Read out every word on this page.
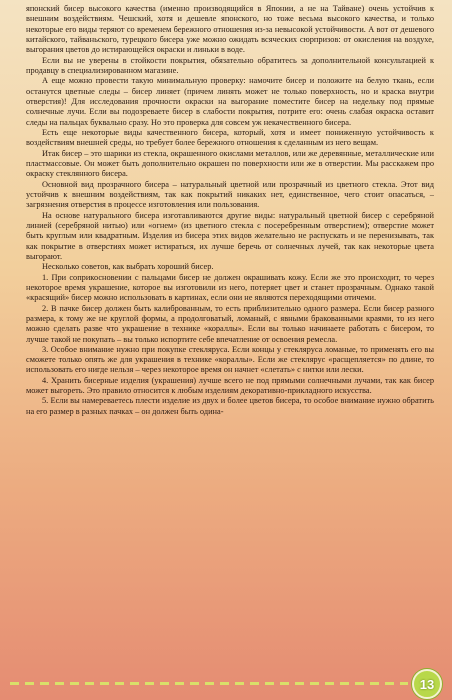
японский бисер высокого качества (именно производящийся в Японии, а не на Тайване) очень устойчив к внешним воздействиям. Чешский, хотя и дешевле японского, но тоже весьма высокого качества, и только некоторые его виды теряют со временем бережного отношения из-за невысокой устойчивости. А вот от дешевого китайского, тайваньского, турецкого бисера уже можно ожидать всяческих сюрпризов: от окисления на воздухе, выгорания цветов до истирающейся окраски и линьки в воде.

Если вы не уверены в стойкости покрытия, обязательно обратитесь за дополнительной консультацией к продавцу в специализированном магазине.

А еще можно провести такую минимальную проверку: намочите бисер и положите на белую ткань, если останутся цветные следы – бисер линяет (причем линять может не только поверхность, но и краска внутри отверстия)! Для исследования прочности окраски на выгорание поместите бисер на недельку под прямые солнечные лучи. Если вы подозреваете бисер в слабости покрытия, потрите его: очень слабая окраска оставит следы на пальцах буквально сразу. Но это проверка для совсем уж некачественного бисера.

Есть еще некоторые виды качественного бисера, который, хотя и имеет пониженную устойчивость к воздействиям внешней среды, но требует более бережного отношения к сделанным из него вещам.

Итак бисер – это шарики из стекла, окрашенного окислами металлов, или же деревянные, металлические или пластмассовые. Он может быть дополнительно окрашен по поверхности или же в отверстии. Мы расскажем про окраску стеклянного бисера.

Основной вид прозрачного бисера – натуральный цветной или прозрачный из цветного стекла. Этот вид устойчив к внешним воздействиям, так как покрытий никаких нет, единственное, чего стоит опасаться, – загрязнения отверстия в процессе изготовления или пользования.

На основе натурального бисера изготавливаются другие виды: натуральный цветной бисер с серебряной линией (серебряной нитью) или «огнем» (из цветного стекла с посеребренным отверстием); отверстие может быть круглым или квадратным. Изделия из бисера этих видов желательно не распускать и не перенизывать, так как покрытие в отверстиях может истираться, их лучше беречь от солнечных лучей, так как некоторые цвета выгорают.

Несколько советов, как выбрать хороший бисер.

1. При соприкосновении с пальцами бисер не должен окрашивать кожу. Если же это происходит, то через некоторое время украшение, которое вы изготовили из него, потеряет цвет и станет прозрачным. Однако такой «красящий» бисер можно использовать в картинах, если они не являются переходящими отичеми.

2. В пачке бисер должен быть калиброванным, то есть приблизительно одного размера. Если бисер разного размера, к тому же не круглой формы, а продолговатый, ломаный, с явными бракованными краями, то из него можно сделать разве что украшение в технике «кораллы». Если вы только начинаете работать с бисером, то лучше такой не покупать – вы только испортите себе впечатление от освоения ремесла.

3. Особое внимание нужно при покупке стеклярусa. Если концы у стеклярусa ломаные, то применять его вы сможете только опять же для украшения в технике «кораллы». Если же стеклярус «расщепляется» по длине, то использовать его нигде нельзя – через некоторое время он начнет «слетать» с нитки или лески.

4. Хранить бисерные изделия (украшения) лучше всего не под прямыми солнечными лучами, так как бисер может выгореть. Это правило относится к любым изделиям декоративно-прикладного искусства.

5. Если вы намереваетесь плести изделие из двух и более цветов бисера, то особое внимание нужно обратить на его размер в разных пачках – он должен быть одина-

13
